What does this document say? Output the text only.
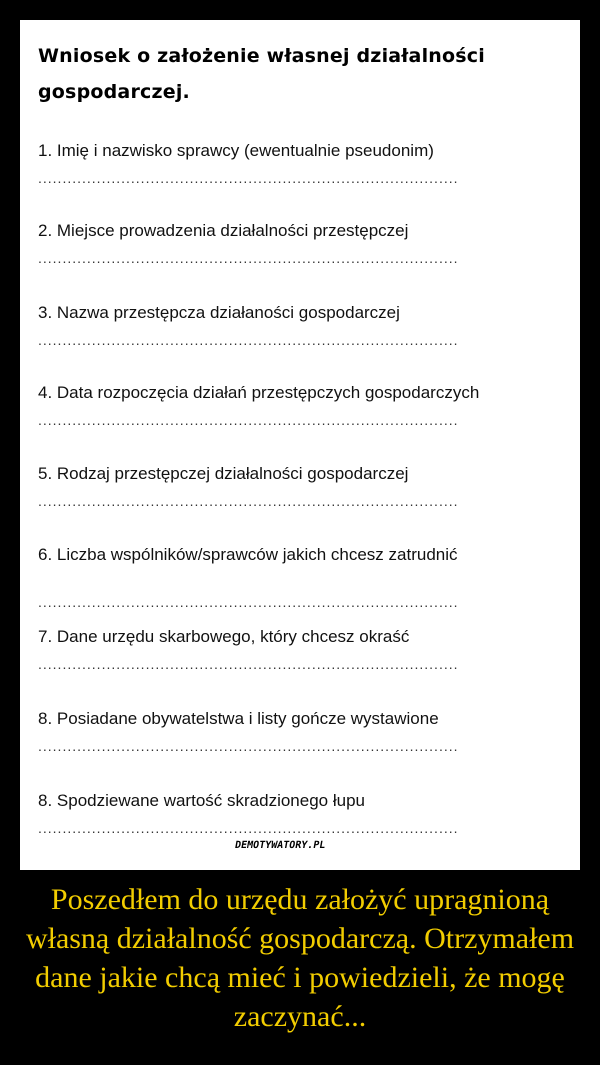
Wniosek o założenie własnej działalności gospodarczej.
1. Imię i nazwisko sprawcy (ewentualnie pseudonim)
......................................................................................
2. Miejsce prowadzenia działalności przestępczej
......................................................................................
3. Nazwa przestępcza działaności gospodarczej
......................................................................................
4. Data rozpoczęcia działań przestępczych gospodarczych
......................................................................................
5. Rodzaj przestępczej działalności gospodarczej
......................................................................................
6. Liczba wspólników/sprawców jakich chcesz zatrudnić
......................................................................................
7. Dane urzędu skarbowego, który chcesz okraść
......................................................................................
8. Posiadane obywatelstwa i listy gończe wystawione
......................................................................................
8. Spodziewane wartość skradzionego łupu
......................................................................................
DEMOTYWATORY.PL
Poszedłem do urzędu założyć upragnioną własną działalność gospodarczą. Otrzymałem dane jakie chcą mieć i powiedzieli, że mogę zaczynać...
